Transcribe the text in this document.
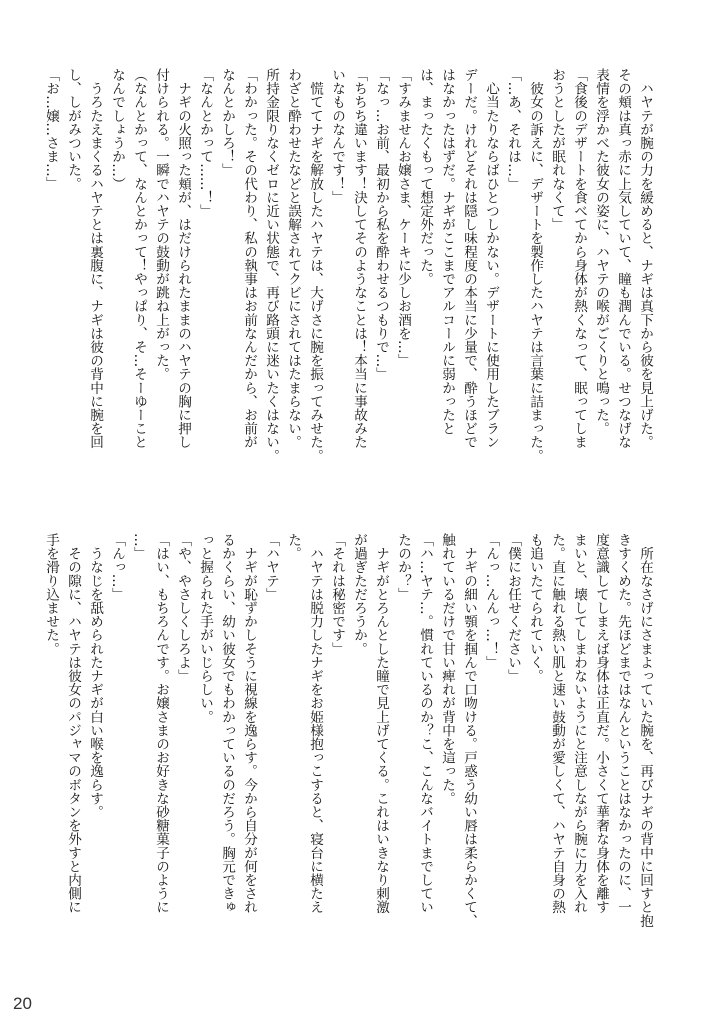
　ハヤテが腕の力を緩めると、ナギは真下から彼を見上げた。
その頬は真っ赤に上気していて、瞳も潤んでいる。せつなげな
表情を浮かべた彼女の姿に、ハヤテの喉がごくりと鳴った。
「食後のデザートを食べてから身体が熱くなって、眠ってしま
おうとしたが眠れなくて」
　彼女の訴えに、デザートを製作したハヤテは言葉に詰まった。
「…あ、それは…」
　心当たりならばひとつしかない。デザートに使用したブラン
デーだ。けれどそれは隠し味程度の本当に少量で、酔うほどで
はなかったはずだ。ナギがここまでアルコールに弱かったと
は、まったくもって想定外だった。
「すみませんお嬢さま、ケーキに少しお酒を…」
「なっ…お前、最初から私を酔わせるつもりで…」
「ちちち違います！決してそのようなことは！本当に事故みた
いなものなんです！」
　慌ててナギを解放したハヤテは、大げさに腕を振ってみせた。
わざと酔わせたなどと誤解されてクビにされてはたまらない。
所持金限りなくゼロに近い状態で、再び路頭に迷いたくはない。
「わかった。その代わり、私の執事はお前なんだから、お前が
なんとかしろ！」
「なんとかって……！」
　ナギの火照った頬が、はだけられたままのハヤテの胸に押し
付けられる。一瞬でハヤテの鼓動が跳ね上がった。
（なんとかって、なんとかって！やっぱり、そ…そーゆーこと
なんでしょうか…）
　うろたえまくるハヤテとは裏腹に、ナギは彼の背中に腕を回
し、しがみついた。
「お…嬢…さま…」
　所在なさげにさまよっていた腕を、再びナギの背中に回すと抱
きすくめた。先ほどまではなんということはなかったのに、一
度意識してしまえば身体は正直だ。小さくて華奢な身体を離す
まいと、壊してしまわないようにと注意しながら腕に力を入れ
た。直に触れる熱い肌と速い鼓動が愛しくて、ハヤテ自身の熱
も追いたてられていく。
「僕にお任せください」
「んっ…んんっ…！」
　ナギの細い顎を掴んで口吻ける。戸惑う幼い唇は柔らかくて、
触れているだけで甘い痺れが背中を這った。
「ハ…ヤテ…。慣れているのか？こ、こんなバイトまでしてい
たのか？」
　ナギがとろんとした瞳で見上げてくる。これはいきなり刺激
が過ぎただろうか。
「それは秘密です」
　ハヤテは脱力したナギをお姫様抱っこすると、寝台に横たえ
た。
「ハヤテ」
　ナギが恥ずかしそうに視線を逸らす。今から自分が何をされ
るかくらい、幼い彼女でもわかっているのだろう。胸元できゅ
っと握られた手がいじらしい。
「や、やさしくしろよ」
「はい、もちろんです。お嬢さまのお好きな砂糖菓子のように
…」
「んっ…」
　うなじを舐められたナギが白い喉を逸らす。
　その隙に、ハヤテは彼女のパジャマのボタンを外すと内側に
手を滑り込ませた。
20
